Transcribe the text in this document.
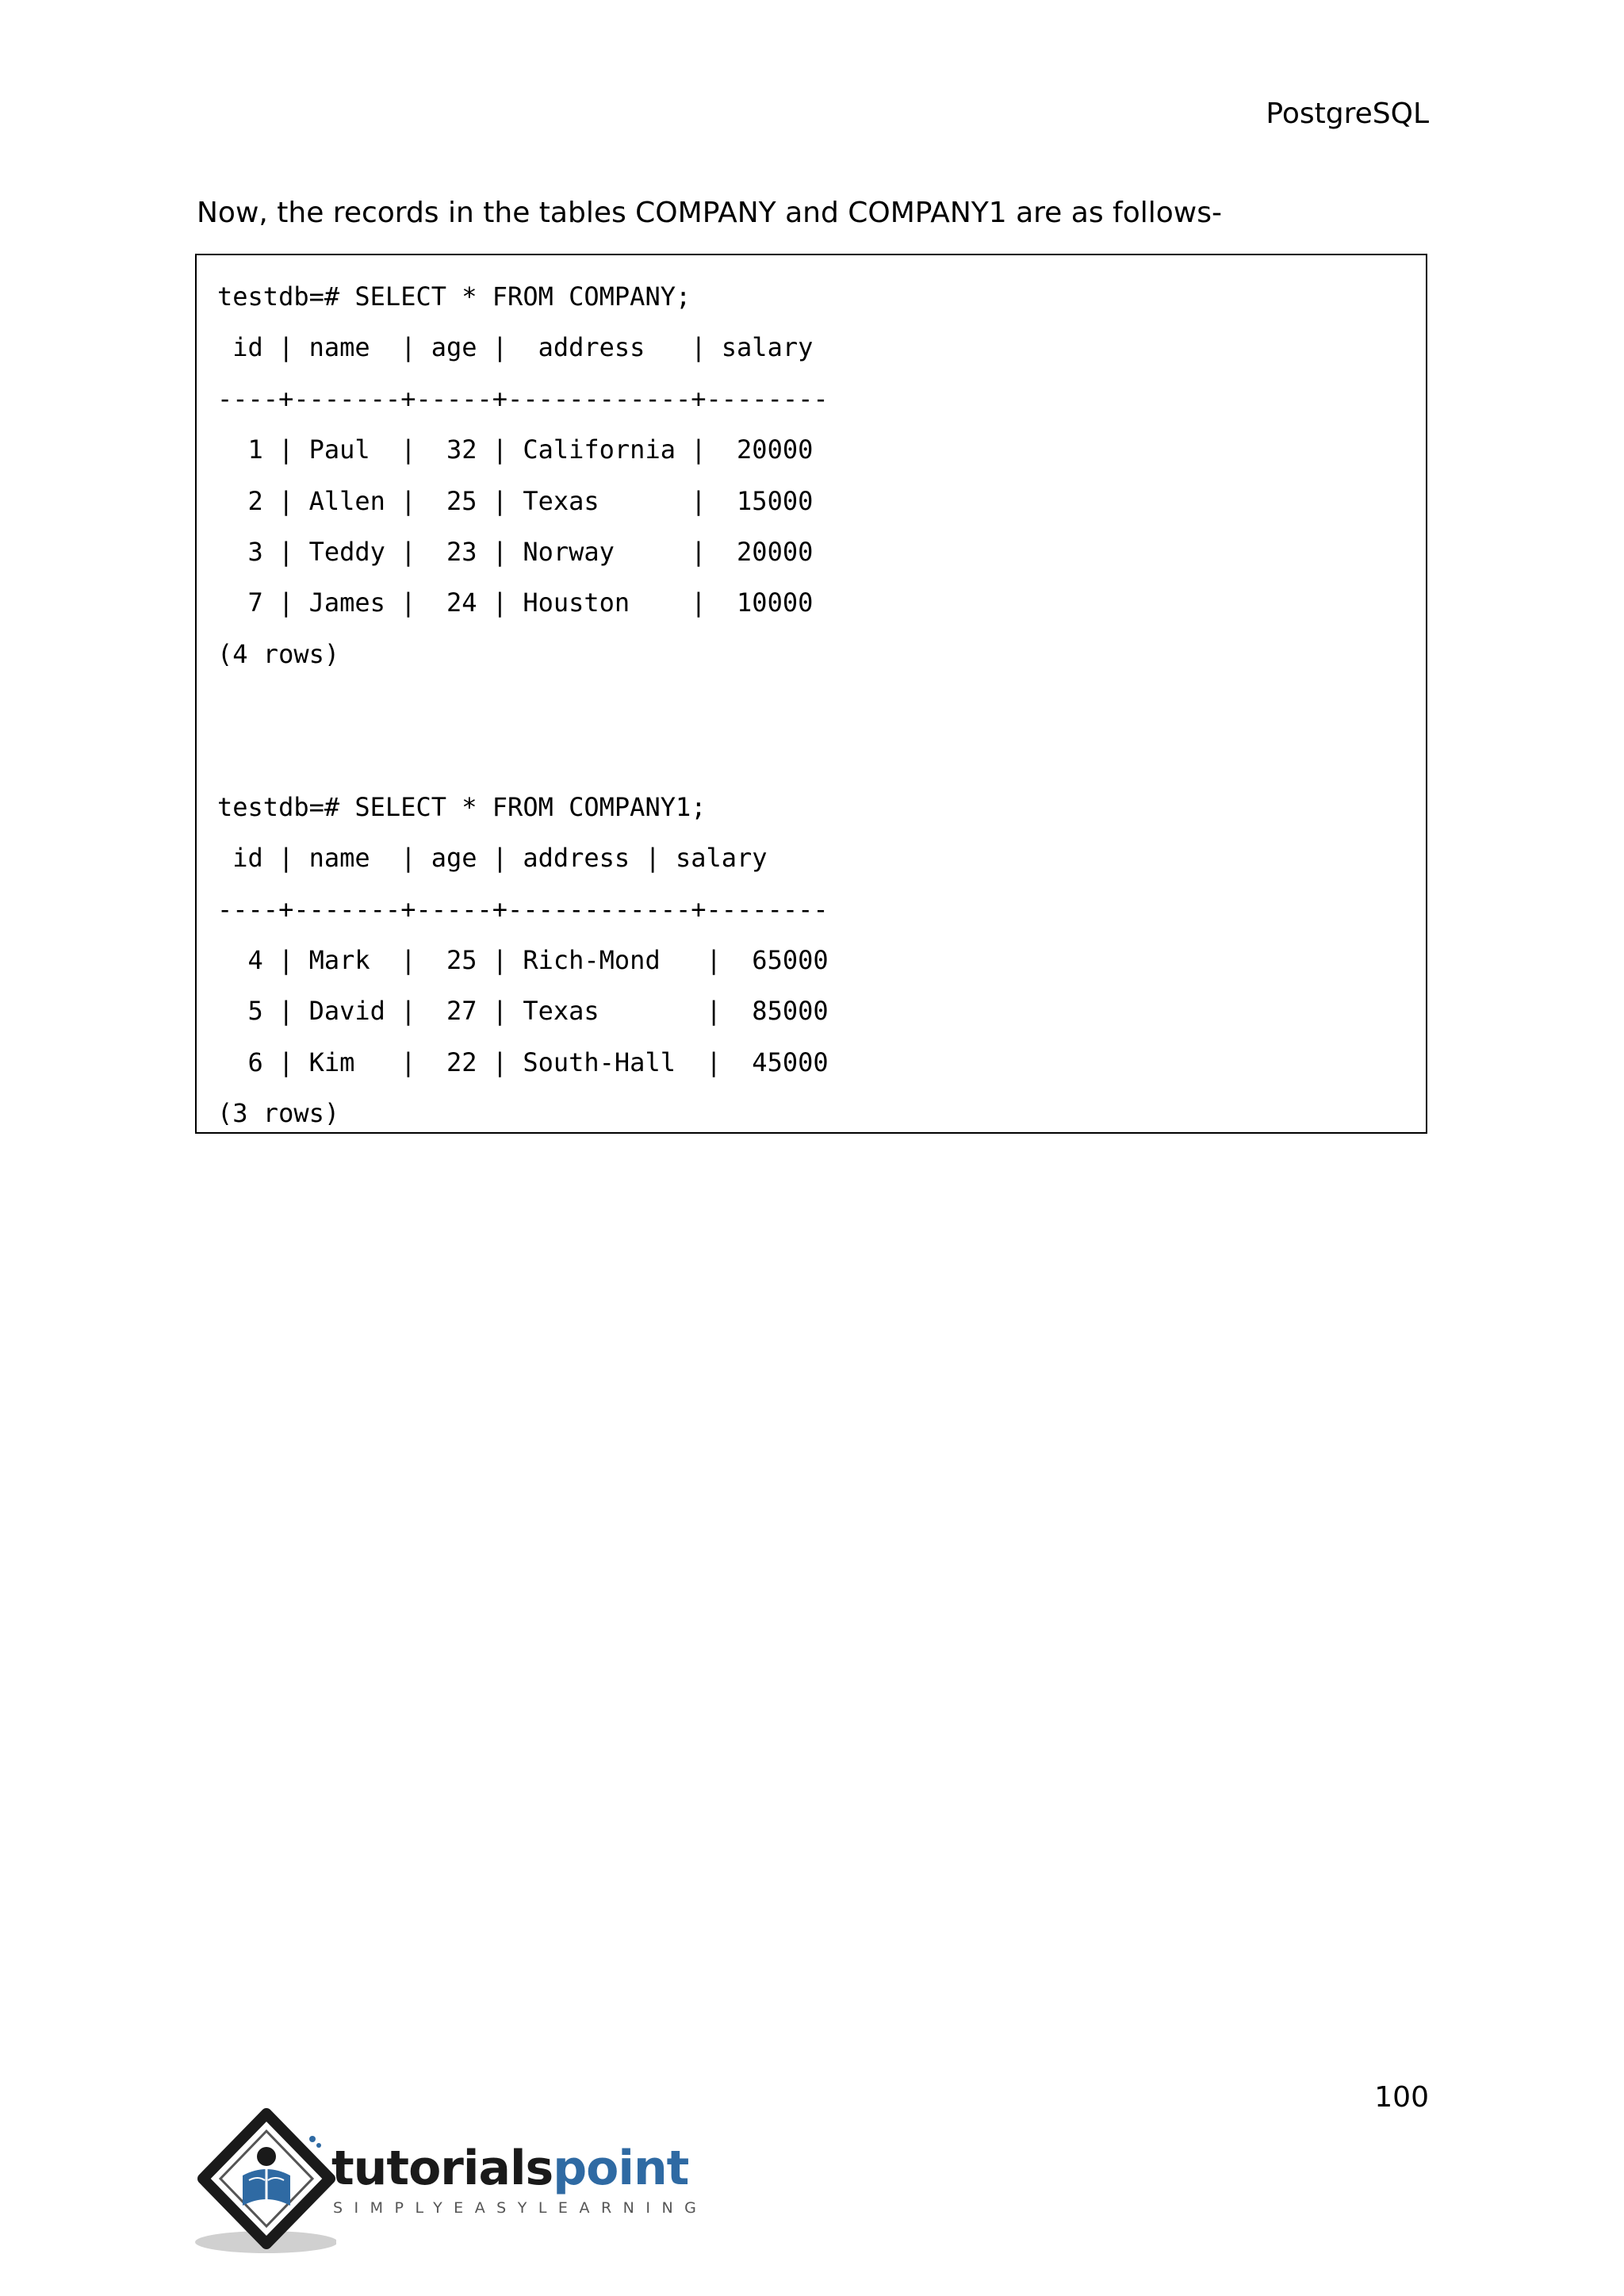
PostgreSQL
Now, the records in the tables COMPANY and COMPANY1 are as follows-
testdb=# SELECT * FROM COMPANY;
id | name  | age |  address   | salary
----+-------+-----+------------+--------
1 | Paul  |  32 | California |  20000
2 | Allen |  25 | Texas      |  15000
3 | Teddy |  23 | Norway     |  20000
7 | James |  24 | Houston    |  10000
(4 rows)
testdb=# SELECT * FROM COMPANY1;
id | name  | age | address | salary
----+-------+-----+------------+--------
4 | Mark  |  25 | Rich-Mond   |  65000
5 | David |  27 | Texas       |  85000
6 | Kim   |  22 | South-Hall  |  45000
(3 rows)
100
tutorialspoint
SIMPLYEASYLEARNING
